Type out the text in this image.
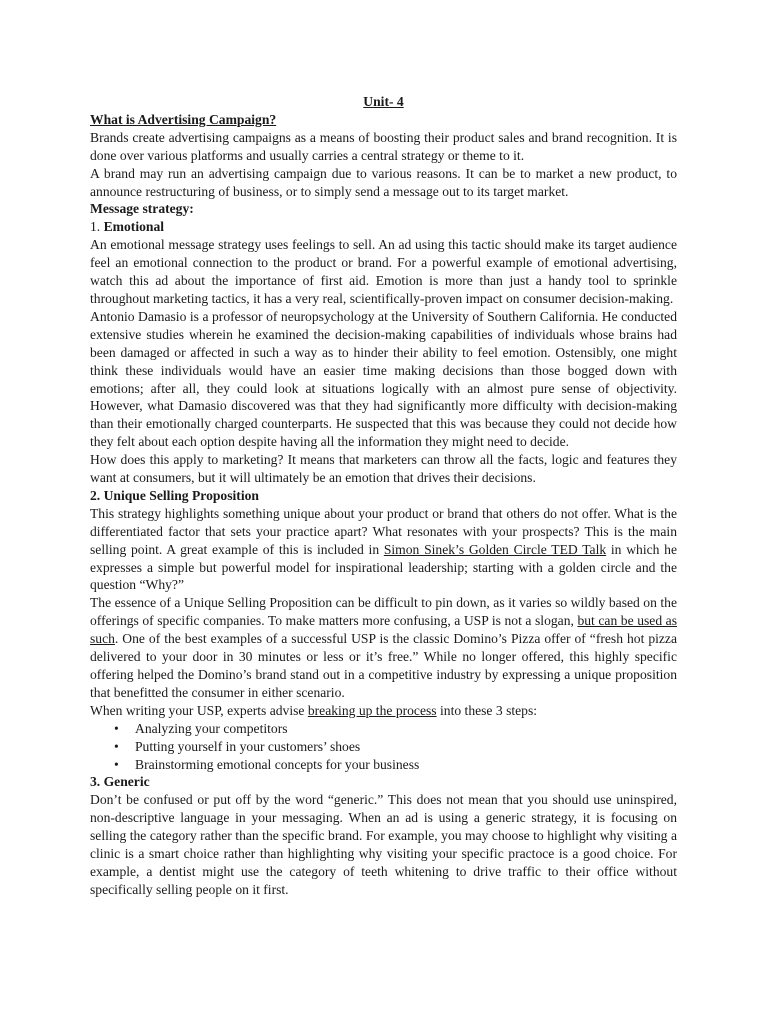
Unit- 4

What is Advertising Campaign?

Brands create advertising campaigns as a means of boosting their product sales and brand recognition. It is done over various platforms and usually carries a central strategy or theme to it.

A brand may run an advertising campaign due to various reasons. It can be to market a new product, to announce restructuring of business, or to simply send a message out to its target market.

Message strategy:

1. Emotional

An emotional message strategy uses feelings to sell. An ad using this tactic should make its target audience feel an emotional connection to the product or brand. For a powerful example of emotional advertising, watch this ad about the importance of first aid. Emotion is more than just a handy tool to sprinkle throughout marketing tactics, it has a very real, scientifically-proven impact on consumer decision-making.

Antonio Damasio is a professor of neuropsychology at the University of Southern California. He conducted extensive studies wherein he examined the decision-making capabilities of individuals whose brains had been damaged or affected in such a way as to hinder their ability to feel emotion. Ostensibly, one might think these individuals would have an easier time making decisions than those bogged down with emotions; after all, they could look at situations logically with an almost pure sense of objectivity. However, what Damasio discovered was that they had significantly more difficulty with decision-making than their emotionally charged counterparts. He suspected that this was because they could not decide how they felt about each option despite having all the information they might need to decide.

How does this apply to marketing? It means that marketers can throw all the facts, logic and features they want at consumers, but it will ultimately be an emotion that drives their decisions.

2. Unique Selling Proposition

This strategy highlights something unique about your product or brand that others do not offer. What is the differentiated factor that sets your practice apart? What resonates with your prospects? This is the main selling point. A great example of this is included in Simon Sinek’s Golden Circle TED Talk in which he expresses a simple but powerful model for inspirational leadership; starting with a golden circle and the question “Why?”

The essence of a Unique Selling Proposition can be difficult to pin down, as it varies so wildly based on the offerings of specific companies. To make matters more confusing, a USP is not a slogan, but can be used as such. One of the best examples of a successful USP is the classic Domino’s Pizza offer of “fresh hot pizza delivered to your door in 30 minutes or less or it’s free.” While no longer offered, this highly specific offering helped the Domino’s brand stand out in a competitive industry by expressing a unique proposition that benefitted the consumer in either scenario.

When writing your USP, experts advise breaking up the process into these 3 steps:

• Analyzing your competitors
• Putting yourself in your customers’ shoes
• Brainstorming emotional concepts for your business

3. Generic

Don’t be confused or put off by the word “generic.” This does not mean that you should use uninspired, non-descriptive language in your messaging. When an ad is using a generic strategy, it is focusing on selling the category rather than the specific brand. For example, you may choose to highlight why visiting a clinic is a smart choice rather than highlighting why visiting your specific practoce is a good choice. For example, a dentist might use the category of teeth whitening to drive traffic to their office without specifically selling people on it first.
